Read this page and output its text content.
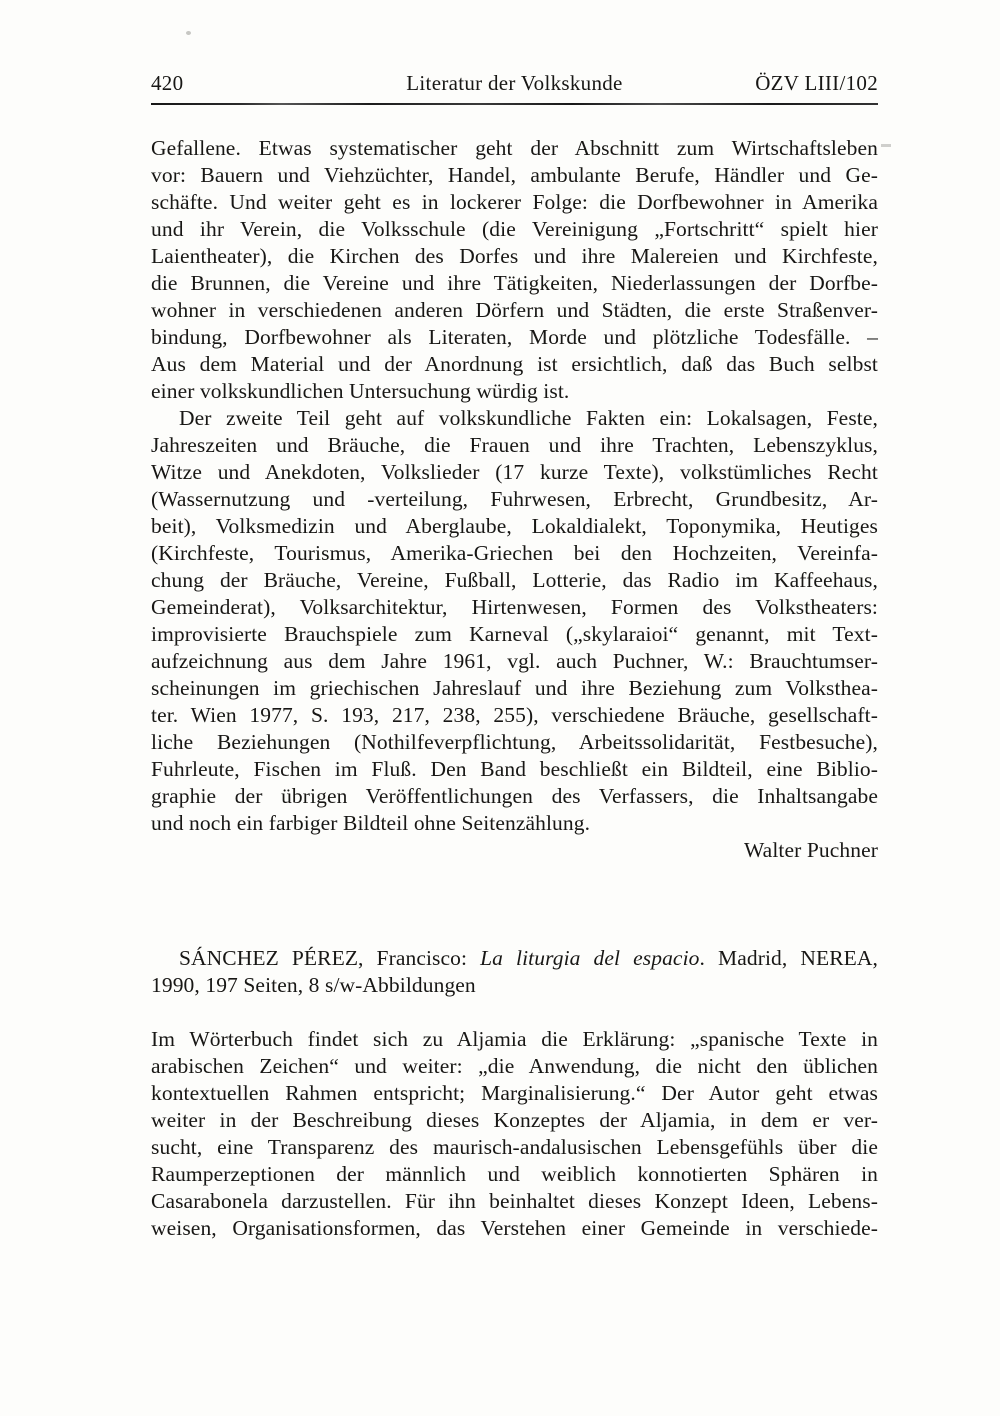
420	Literatur der Volkskunde	ÖZV LIII/102
Gefallene. Etwas systematischer geht der Abschnitt zum Wirtschaftsleben
vor: Bauern und Viehzüchter, Handel, ambulante Berufe, Händler und Ge-
schäfte. Und weiter geht es in lockerer Folge: die Dorfbewohner in Amerika
und ihr Verein, die Volksschule (die Vereinigung „Fortschritt“ spielt hier
Laientheater), die Kirchen des Dorfes und ihre Malereien und Kirchfeste,
die Brunnen, die Vereine und ihre Tätigkeiten, Niederlassungen der Dorfbe-
wohner in verschiedenen anderen Dörfern und Städten, die erste Straßenver-
bindung, Dorfbewohner als Literaten, Morde und plötzliche Todesfälle. –
Aus dem Material und der Anordnung ist ersichtlich, daß das Buch selbst
einer volkskundlichen Untersuchung würdig ist.
Der zweite Teil geht auf volkskundliche Fakten ein: Lokalsagen, Feste,
Jahreszeiten und Bräuche, die Frauen und ihre Trachten, Lebenszyklus,
Witze und Anekdoten, Volkslieder (17 kurze Texte), volkstümliches Recht
(Wassernutzung und -verteilung, Fuhrwesen, Erbrecht, Grundbesitz, Ar-
beit), Volksmedizin und Aberglaube, Lokaldialekt, Toponymika, Heutiges
(Kirchfeste, Tourismus, Amerika-Griechen bei den Hochzeiten, Vereinfa-
chung der Bräuche, Vereine, Fußball, Lotterie, das Radio im Kaffeehaus,
Gemeinderat), Volksarchitektur, Hirtenwesen, Formen des Volkstheaters:
improvisierte Brauchspiele zum Karneval („skylaraioi“ genannt, mit Text-
aufzeichnung aus dem Jahre 1961, vgl. auch Puchner, W.: Brauchtumser-
scheinungen im griechischen Jahreslauf und ihre Beziehung zum Volksthea-
ter. Wien 1977, S. 193, 217, 238, 255), verschiedene Bräuche, gesellschaft-
liche Beziehungen (Nothilfeverpflichtung, Arbeitssolidarität, Festbesuche),
Fuhrleute, Fischen im Fluß. Den Band beschließt ein Bildteil, eine Biblio-
graphie der übrigen Veröffentlichungen des Verfassers, die Inhaltsangabe
und noch ein farbiger Bildteil ohne Seitenzählung.
Walter Puchner
SÁNCHEZ PÉREZ, Francisco: La liturgia del espacio. Madrid, NEREA,
1990, 197 Seiten, 8 s/w-Abbildungen
Im Wörterbuch findet sich zu Aljamia die Erklärung: „spanische Texte in
arabischen Zeichen“ und weiter: „die Anwendung, die nicht den üblichen
kontextuellen Rahmen entspricht; Marginalisierung.“ Der Autor geht etwas
weiter in der Beschreibung dieses Konzeptes der Aljamia, in dem er ver-
sucht, eine Transparenz des maurisch-andalusischen Lebensgefühls über die
Raumperzeptionen der männlich und weiblich konnotierten Sphären in
Casarabonela darzustellen. Für ihn beinhaltet dieses Konzept Ideen, Lebens-
weisen, Organisationsformen, das Verstehen einer Gemeinde in verschiede-
